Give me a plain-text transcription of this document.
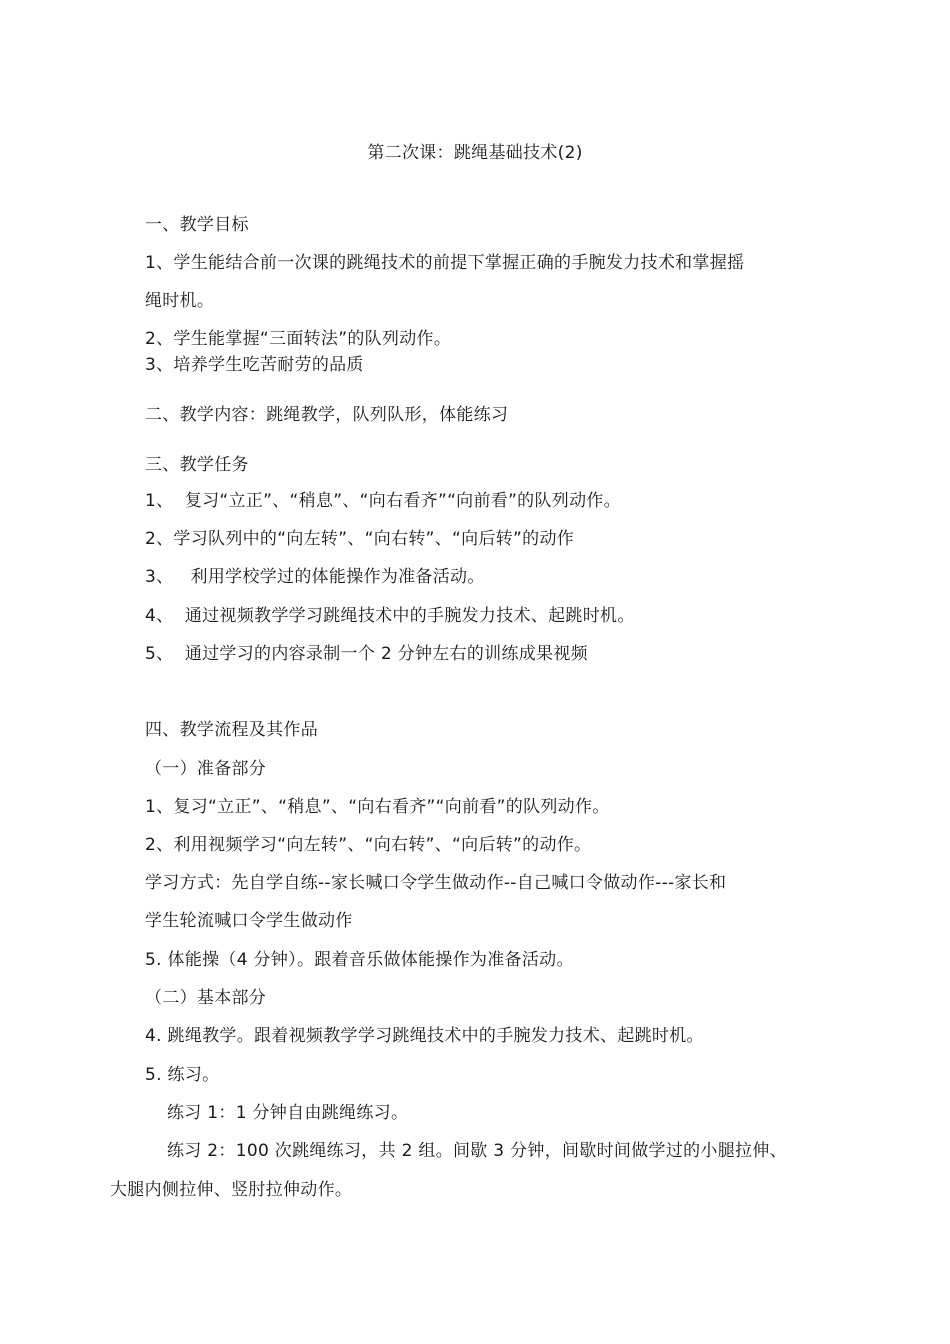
第二次课：跳绳基础技术(2)
一、教学目标
1、学生能结合前一次课的跳绳技术的前提下掌握正确的手腕发力技术和掌握摇
绳时机。
2、学生能掌握“三面转法”的队列动作。
3、培养学生吃苦耐劳的品质
二、教学内容：跳绳教学，队列队形，体能练习
三、教学任务
1、  复习“立正”、“稍息”、“向右看齐”“向前看”的队列动作。
2、学习队列中的“向左转”、“向右转”、“向后转”的动作
3、   利用学校学过的体能操作为准备活动。
4、  通过视频教学学习跳绳技术中的手腕发力技术、起跳时机。
5、  通过学习的内容录制一个 2 分钟左右的训练成果视频
四、教学流程及其作品
（一）准备部分
1、复习“立正”、“稍息”、“向右看齐”“向前看”的队列动作。
2、利用视频学习“向左转”、“向右转”、“向后转”的动作。
学习方式：先自学自练--家长喊口令学生做动作--自己喊口令做动作---家长和
学生轮流喊口令学生做动作
5. 体能操（4 分钟）。跟着音乐做体能操作为准备活动。
（二）基本部分
4. 跳绳教学。跟着视频教学学习跳绳技术中的手腕发力技术、起跳时机。
5. 练习。
练习 1：1 分钟自由跳绳练习。
练习 2：100 次跳绳练习，共 2 组。间歇 3 分钟，间歇时间做学过的小腿拉伸、
大腿内侧拉伸、竖肘拉伸动作。
